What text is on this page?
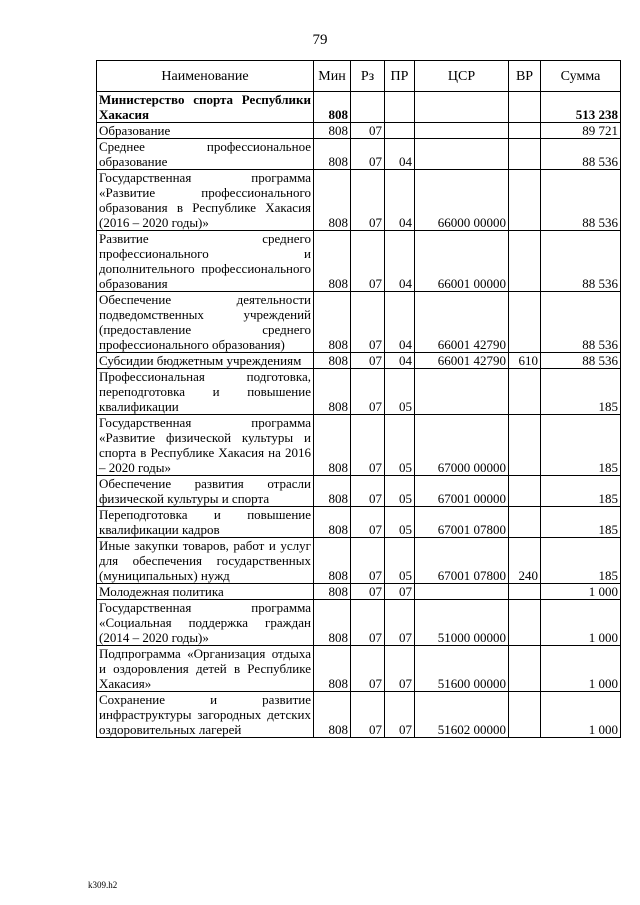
79
Наименование	Мин	Рз	ПР	ЦСР	ВР	Сумма
Министерство спорта Республики Хакасия	808					513 238
Образование	808	07				89 721
Среднее профессиональное образование	808	07	04			88 536
Государственная программа «Развитие профессионального образования в Республике Хакасия (2016 – 2020 годы)»	808	07	04	66000 00000		88 536
Развитие среднего профессионального и дополнительного профессионального образования	808	07	04	66001 00000		88 536
Обеспечение деятельности подведомственных учреждений (предоставление среднего профессионального образования)	808	07	04	66001 42790		88 536
Субсидии бюджетным учреждениям	808	07	04	66001 42790	610	88 536
Профессиональная подготовка, переподготовка и повышение квалификации	808	07	05			185
Государственная программа «Развитие физической культуры и спорта в Республике Хакасия на 2016 – 2020 годы»	808	07	05	67000 00000		185
Обеспечение развития отрасли физической культуры и спорта	808	07	05	67001 00000		185
Переподготовка и повышение квалификации кадров	808	07	05	67001 07800		185
Иные закупки товаров, работ и услуг для обеспечения государственных (муниципальных) нужд	808	07	05	67001 07800	240	185
Молодежная политика	808	07	07			1 000
Государственная программа «Социальная поддержка граждан (2014 – 2020 годы)»	808	07	07	51000 00000		1 000
Подпрограмма «Организация отдыха и оздоровления детей в Республике Хакасия»	808	07	07	51600 00000		1 000
Сохранение и развитие инфраструктуры загородных детских оздоровительных лагерей	808	07	07	51602 00000		1 000
k309.h2
